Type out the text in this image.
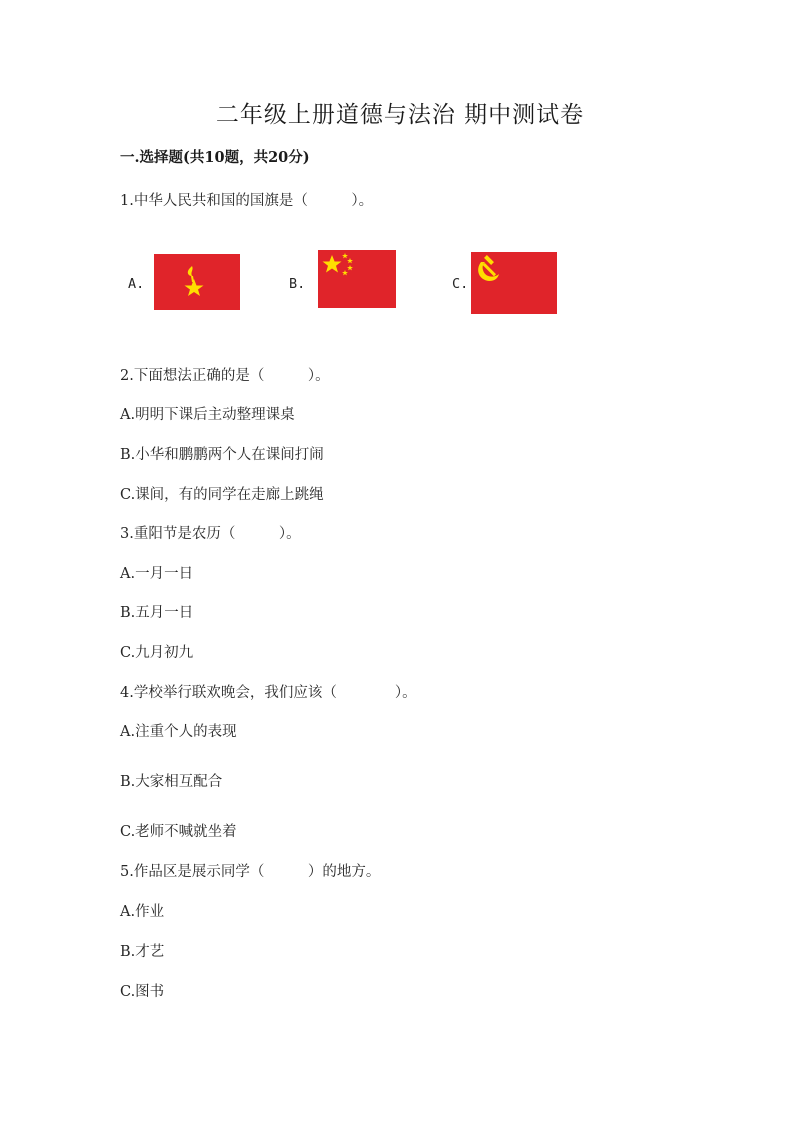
二年级上册道德与法治 期中测试卷
一.选择题(共10题，共20分)
1.中华人民共和国的国旗是（　　　）。
A.	B.	C.
2.下面想法正确的是（　　　）。
A.明明下课后主动整理课桌
B.小华和鹏鹏两个人在课间打闹
C.课间，有的同学在走廊上跳绳
3.重阳节是农历（　　　）。
A.一月一日
B.五月一日
C.九月初九
4.学校举行联欢晚会，我们应该（　　　　）。
A.注重个人的表现
B.大家相互配合
C.老师不喊就坐着
5.作品区是展示同学（　　　）的地方。
A.作业
B.才艺
C.图书
